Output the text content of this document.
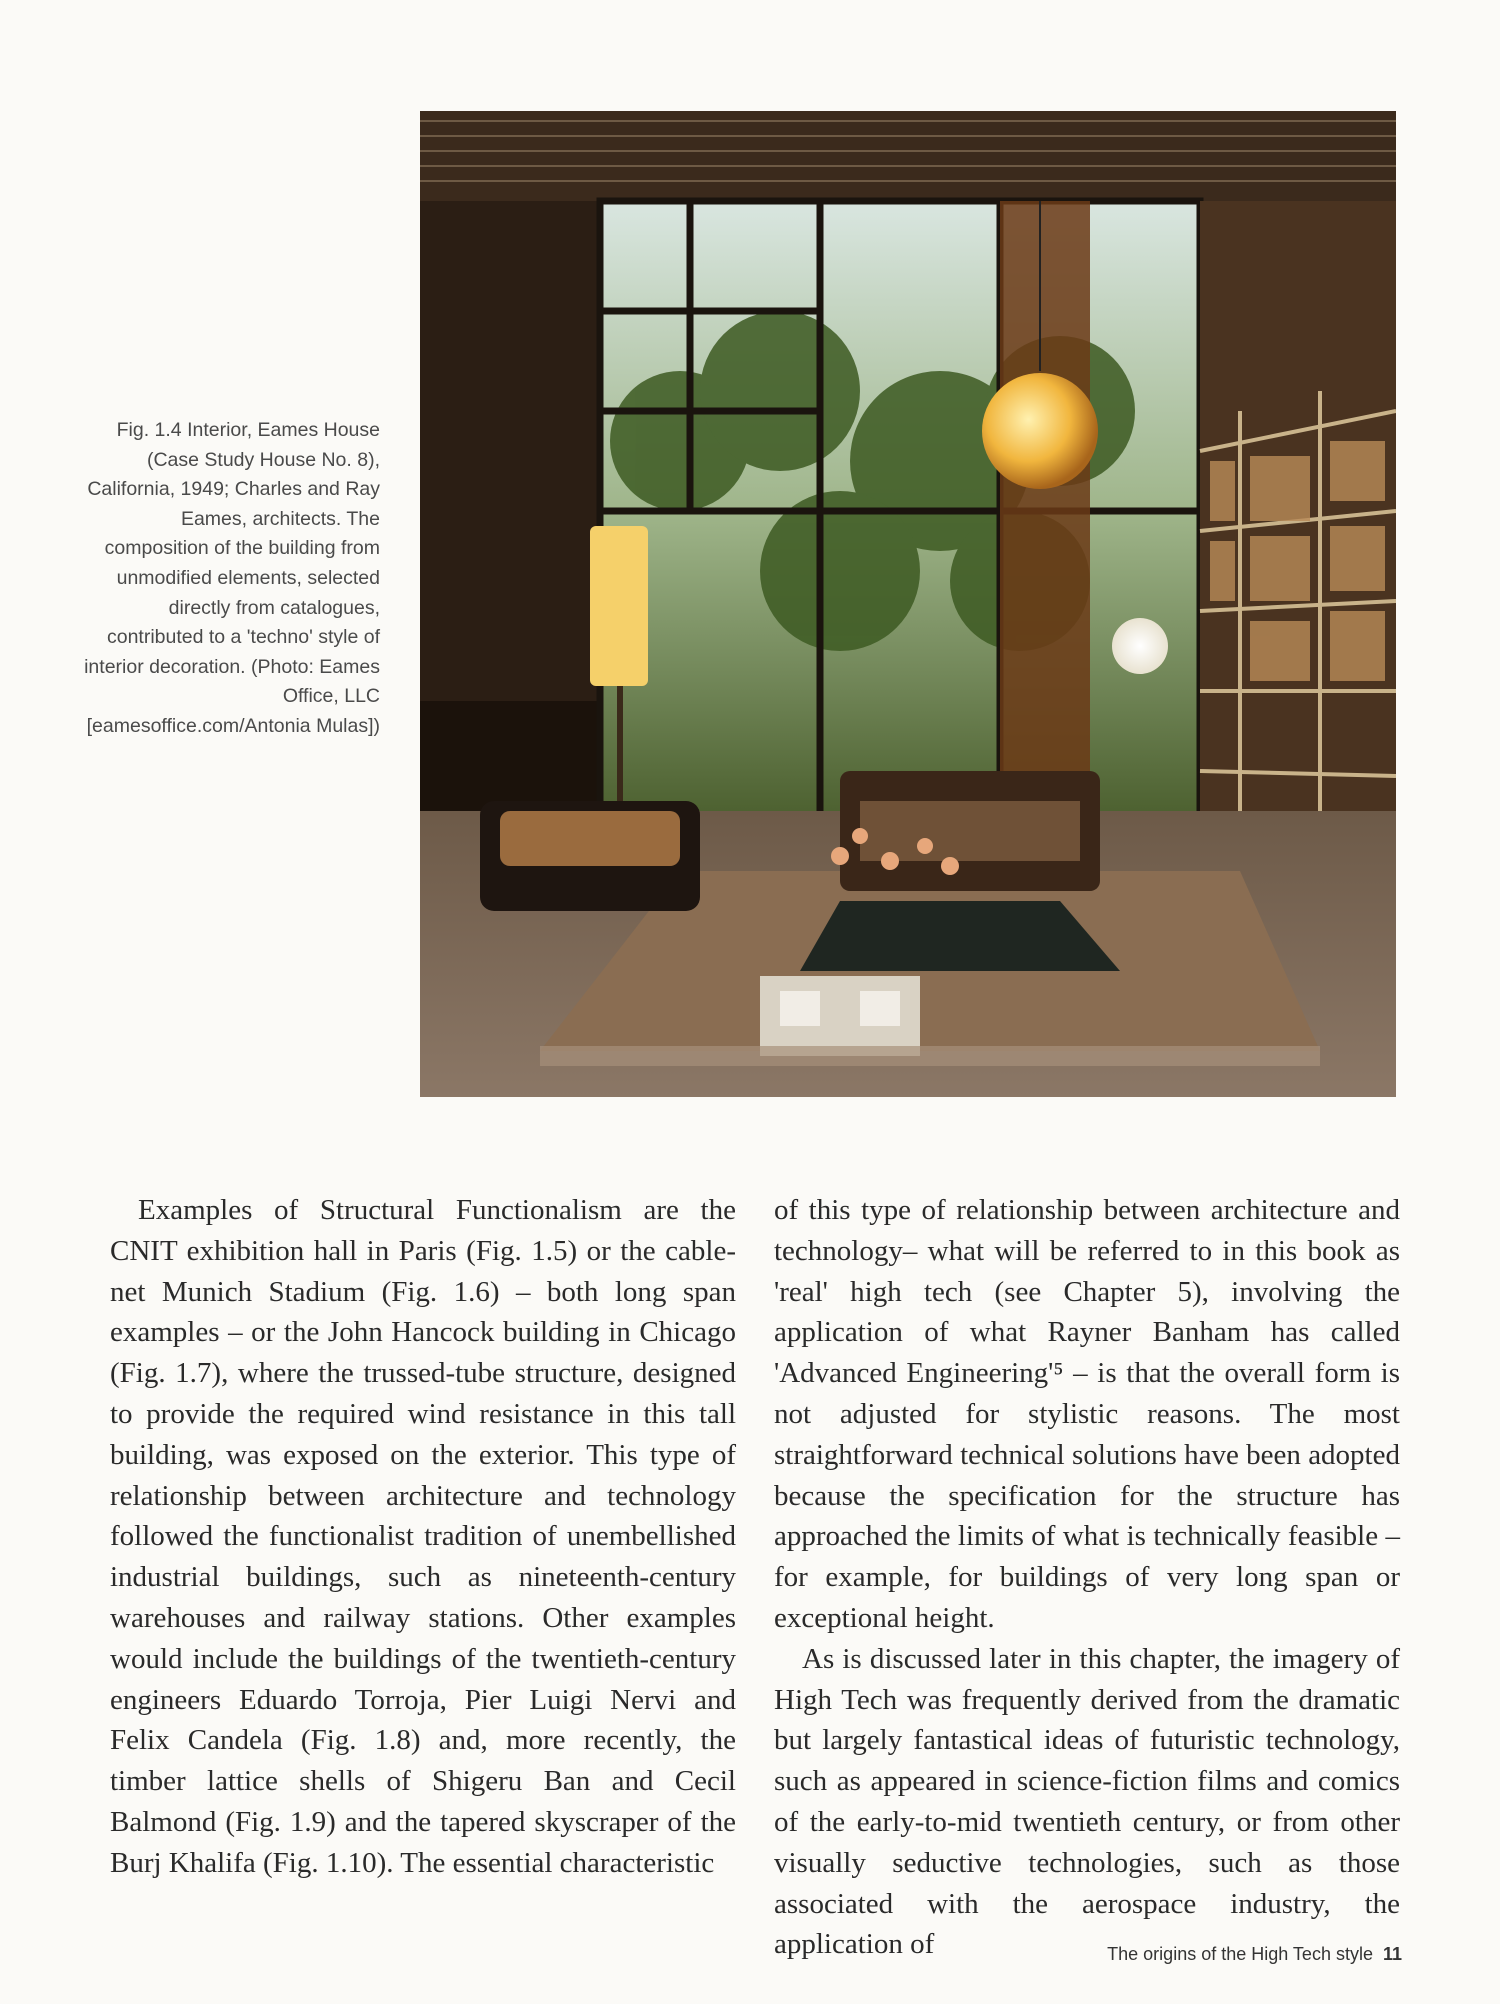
Fig. 1.4 Interior, Eames House (Case Study House No. 8), California, 1949; Charles and Ray Eames, architects. The composition of the building from unmodified elements, selected directly from catalogues, contributed to a 'techno' style of interior decoration. (Photo: Eames Office, LLC [eamesoffice.com/Antonia Mulas])

Examples of Structural Functionalism are the CNIT exhibition hall in Paris (Fig. 1.5) or the cable-net Munich Stadium (Fig. 1.6) – both long span examples – or the John Hancock building in Chicago (Fig. 1.7), where the trussed-tube structure, designed to provide the required wind resistance in this tall building, was exposed on the exterior. This type of relationship between architecture and technology followed the functionalist tradition of unembellished industrial buildings, such as nineteenth-century warehouses and railway stations. Other examples would include the buildings of the twentieth-century engineers Eduardo Torroja, Pier Luigi Nervi and Felix Candela (Fig. 1.8) and, more recently, the timber lattice shells of Shigeru Ban and Cecil Balmond (Fig. 1.9) and the tapered skyscraper of the Burj Khalifa (Fig. 1.10). The essential characteristic

of this type of relationship between architecture and technology– what will be referred to in this book as 'real' high tech (see Chapter 5), involving the application of what Rayner Banham has called 'Advanced Engineering'⁵ – is that the overall form is not adjusted for stylistic reasons. The most straightforward technical solutions have been adopted because the specification for the structure has approached the limits of what is technically feasible – for example, for buildings of very long span or exceptional height.

As is discussed later in this chapter, the imagery of High Tech was frequently derived from the dramatic but largely fantastical ideas of futuristic technology, such as appeared in science-fiction films and comics of the early-to-mid twentieth century, or from other visually seductive technologies, such as those associated with the aerospace industry, the application of	The origins of the High Tech style 11
